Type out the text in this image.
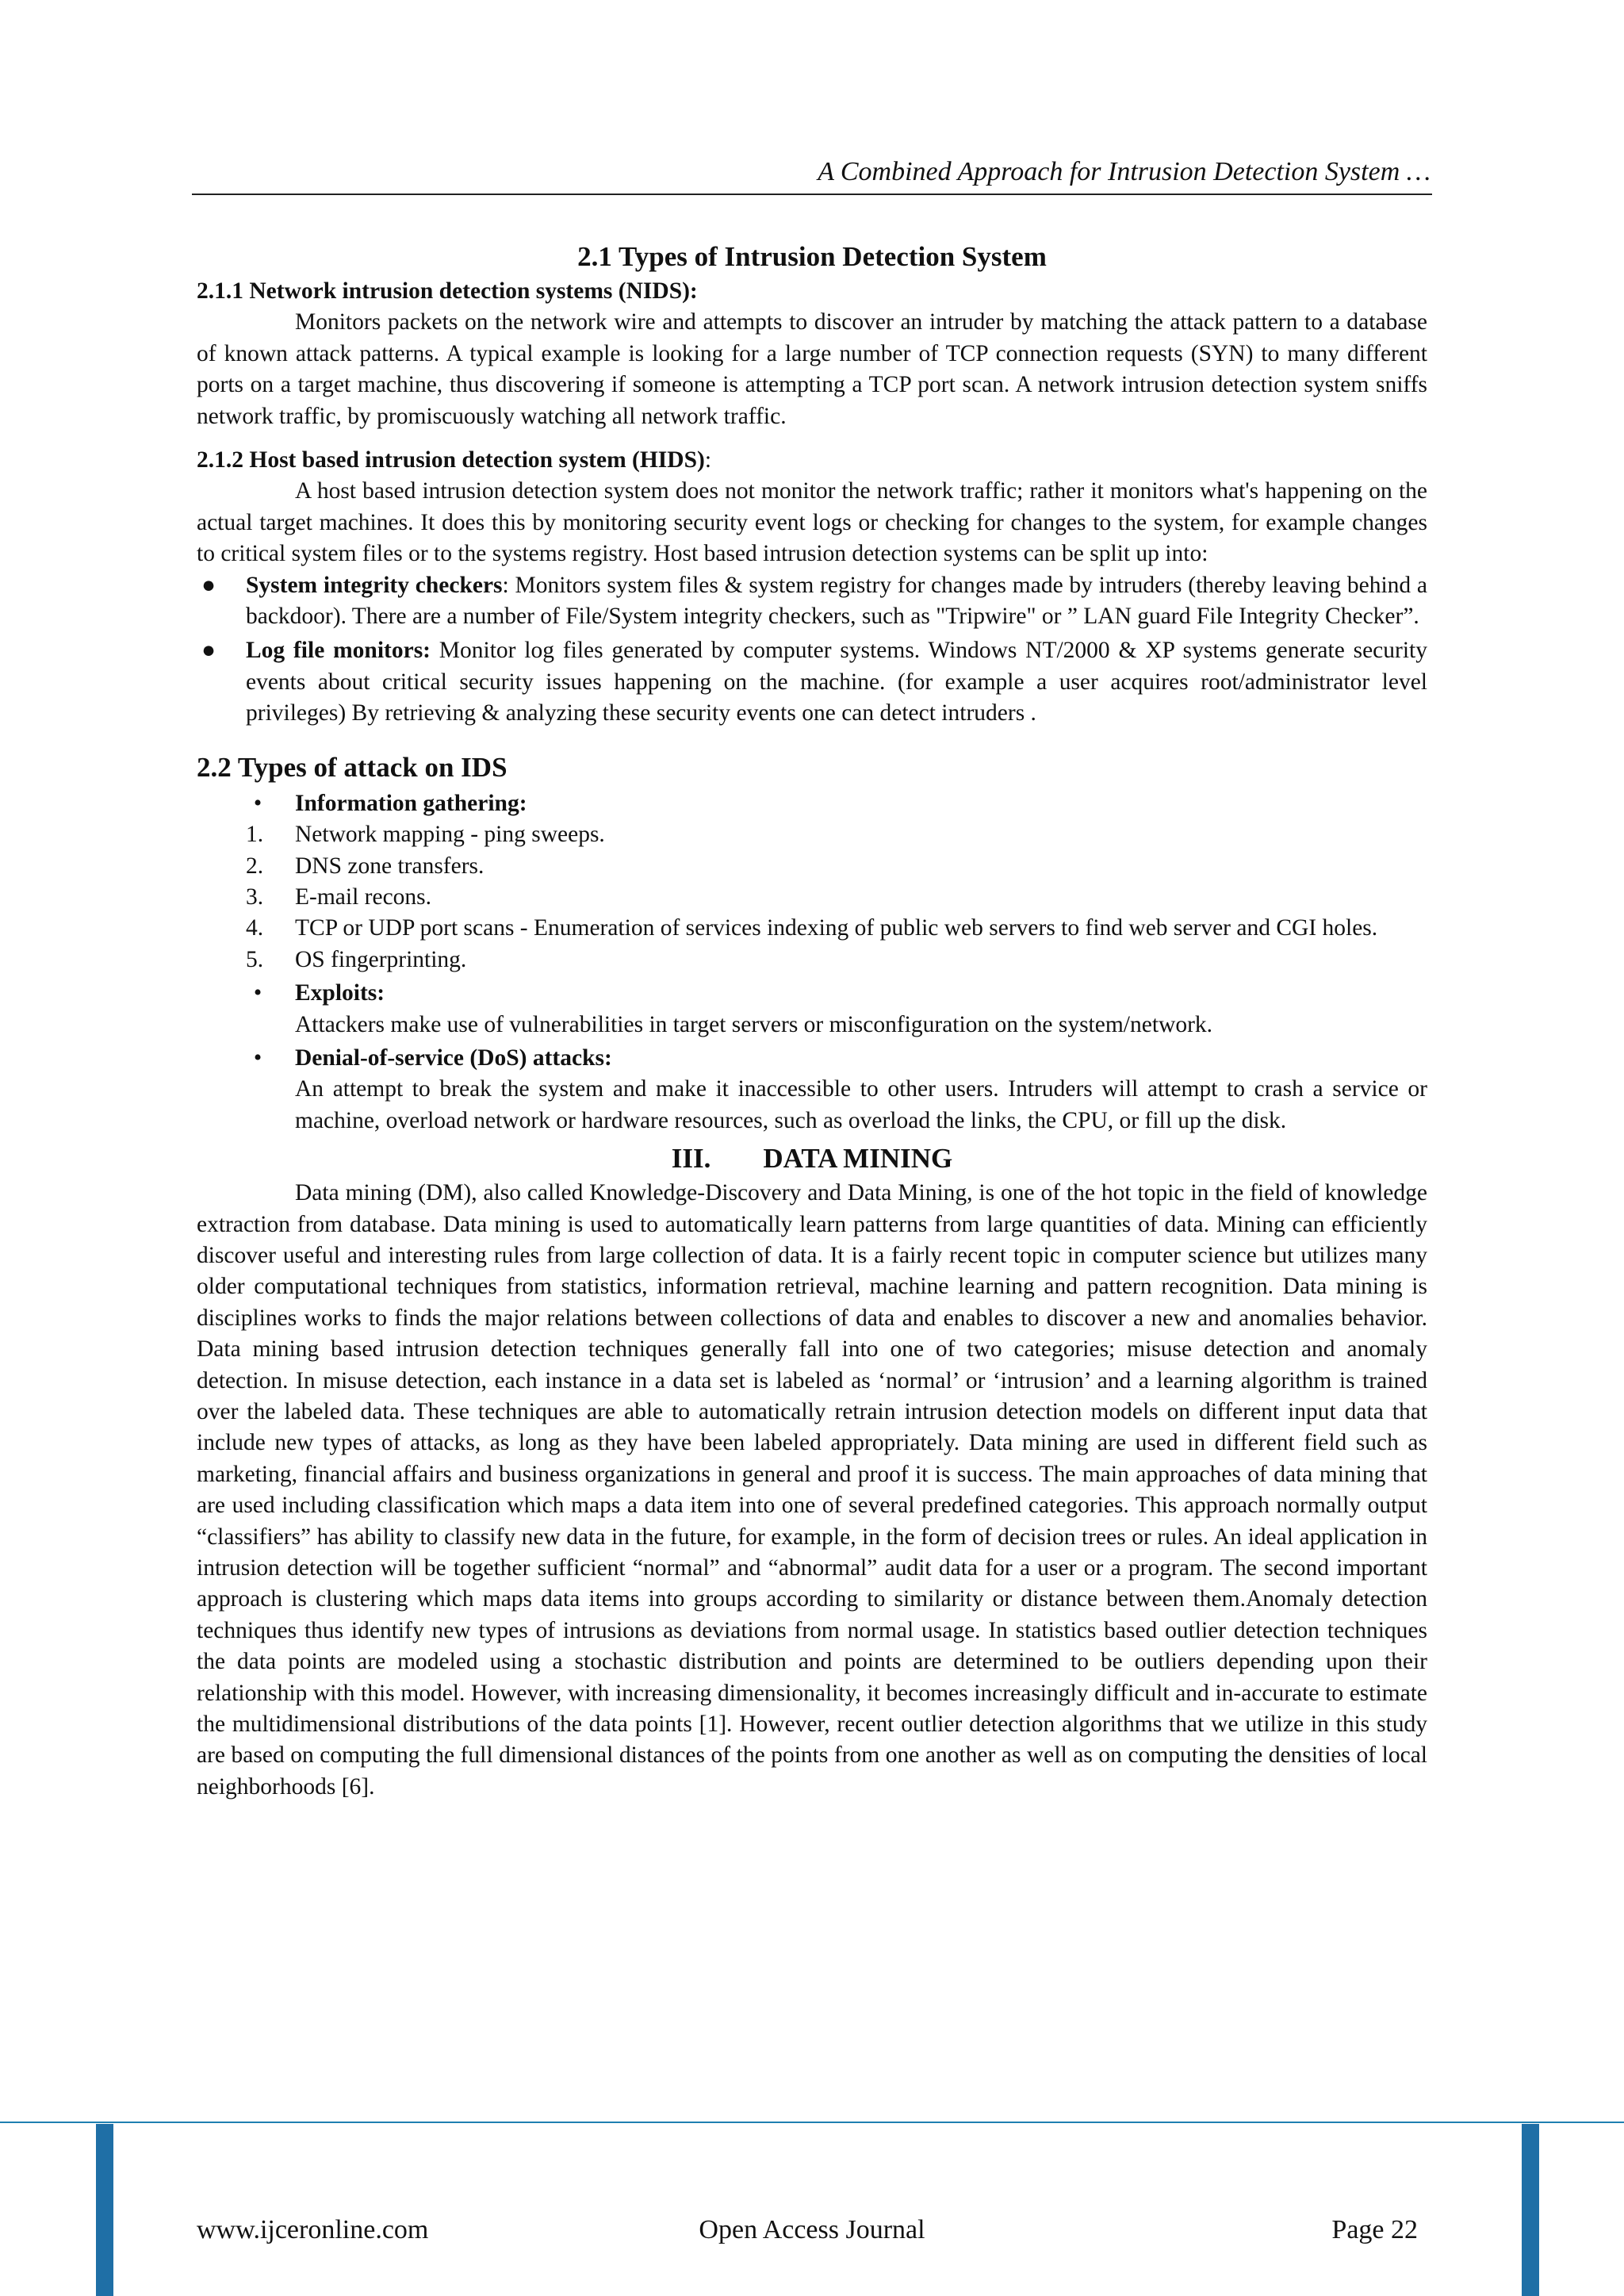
A Combined Approach for Intrusion Detection System …
2.1 Types of Intrusion Detection System

2.1.1 Network intrusion detection systems (NIDS):

Monitors packets on the network wire and attempts to discover an intruder by matching the attack pattern to a database of known attack patterns. A typical example is looking for a large number of TCP connection requests (SYN) to many different ports on a target machine, thus discovering if someone is attempting a TCP port scan. A network intrusion detection system sniffs network traffic, by promiscuously watching all network traffic.

2.1.2 Host based intrusion detection system (HIDS):

A host based intrusion detection system does not monitor the network traffic; rather it monitors what's happening on the actual target machines. It does this by monitoring security event logs or checking for changes to the system, for example changes to critical system files or to the systems registry. Host based intrusion detection systems can be split up into:

● System integrity checkers: Monitors system files & system registry for changes made by intruders (thereby leaving behind a backdoor). There are a number of File/System integrity checkers, such as "Tripwire" or ” LAN guard File Integrity Checker”.
● Log file monitors: Monitor log files generated by computer systems. Windows NT/2000 & XP systems generate security events about critical security issues happening on the machine. (for example a user acquires root/administrator level privileges) By retrieving & analyzing these security events one can detect intruders .
2.2 Types of attack on IDS
•	Information gathering:
1. Network mapping - ping sweeps.
2. DNS zone transfers.
3. E-mail recons.
4. TCP or UDP port scans - Enumeration of services indexing of public web servers to find web server and CGI holes.
5. OS fingerprinting.
•	Exploits:
Attackers make use of vulnerabilities in target servers or misconfiguration on the system/network.
•	Denial-of-service (DoS) attacks:
An attempt to break the system and make it inaccessible to other users. Intruders will attempt to crash a service or machine, overload network or hardware resources, such as overload the links, the CPU, or fill up the disk.
III. DATA MINING

Data mining (DM), also called Knowledge-Discovery and Data Mining, is one of the hot topic in the field of knowledge extraction from database. Data mining is used to automatically learn patterns from large quantities of data. Mining can efficiently discover useful and interesting rules from large collection of data. It is a fairly recent topic in computer science but utilizes many older computational techniques from statistics, information retrieval, machine learning and pattern recognition. Data mining is disciplines works to finds the major relations between collections of data and enables to discover a new and anomalies behavior. Data mining based intrusion detection techniques generally fall into one of two categories; misuse detection and anomaly detection. In misuse detection, each instance in a data set is labeled as ‘normal’ or ‘intrusion’ and a learning algorithm is trained over the labeled data. These techniques are able to automatically retrain intrusion detection models on different input data that include new types of attacks, as long as they have been labeled appropriately. Data mining are used in different field such as marketing, financial affairs and business organizations in general and proof it is success. The main approaches of data mining that are used including classification which maps a data item into one of several predefined categories. This approach normally output “classifiers” has ability to classify new data in the future, for example, in the form of decision trees or rules. An ideal application in intrusion detection will be together sufficient “normal” and “abnormal” audit data for a user or a program. The second important approach is clustering which maps data items into groups according to similarity or distance between them.Anomaly detection techniques thus identify new types of intrusions as deviations from normal usage. In statistics based outlier detection techniques the data points are modeled using a stochastic distribution and points are determined to be outliers depending upon their relationship with this model. However, with increasing dimensionality, it becomes increasingly difficult and in-accurate to estimate the multidimensional distributions of the data points [1]. However, recent outlier detection algorithms that we utilize in this study are based on computing the full dimensional distances of the points from one another as well as on computing the densities of local neighborhoods [6].

www.ijceronline.com	Open Access Journal	Page 22
